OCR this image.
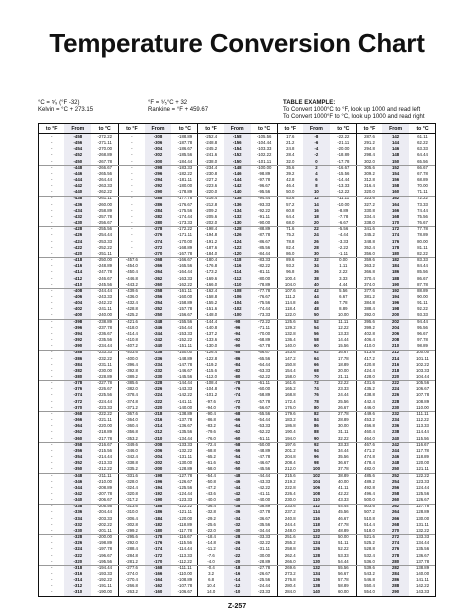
Temperature Conversion Chart
°C = ⁵⁄₉ (°F -32)
Kelvin = °C + 273.15
°F = ⁹⁄₅°C + 32
Rankine = °F + 459.67
TABLE EXAMPLE:
To Convert 1000°C to °F, look up 1000 and read left
To Convert 1000°F to °C, look up 1000 and read right
to °F
-
-
-
-
-
-
-
-
-
-
-
-
-
-
-
-
-
-
-
-
-
-
-
-
-
-
-
-
-
-
-
-
-
-
-
-
-
-
-
-
-
-
-
-
-
-
-
-
-
-
-
-
-
-
-
-
-
-
-
-
-
-
-
-
-
-
-
-
-
-
-
-
-
-
-
From
-458
-456
-454
-452
-450
-448
-446
-444
-442
-440
-438
-436
-434
-432
-430
-428
-426
-424
-422
-420
-418
-416
-414
-412
-410
-408
-406
-404
-402
-400
-398
-396
-394
-392
-390
-388
-386
-384
-382
-380
-378
-376
-374
-372
-370
-368
-366
-364
-362
-360
-358
-356
-354
-352
-350
-348
-346
-344
-342
-340
-338
-336
-334
-332
-330
-328
-326
-324
-322
-320
-318
-316
-314
-312
-310
to °C
-272.22
-271.11
-270.00
-268.89
-267.78
-266.67
-265.56
-264.44
-263.33
-262.22
-261.11
-260.00
-258.89
-257.78
-256.67
-255.56
-254.44
-253.33
-252.22
-251.11
-250.00
-248.89
-247.78
-246.67
-245.56
-244.44
-243.33
-242.22
-241.11
-240.00
-238.89
-237.78
-236.67
-235.56
-234.44
-233.33
-232.22
-231.11
-230.00
-228.89
-227.78
-226.67
-225.56
-224.44
-223.33
-222.22
-221.11
-220.00
-218.89
-217.78
-216.67
-215.56
-214.44
-213.33
-212.22
-211.11
-210.00
-208.89
-207.78
-206.67
-205.56
-204.44
-203.33
-202.22
-201.11
-200.00
-198.89
-197.78
-196.67
-195.56
-194.44
-193.33
-192.22
-191.11
-190.00
to °F
-
-
-
-
-
-
-
-
-
-
-
-
-
-
-
-
-
-
-
-
-457.6
-454.0
-450.4
-446.8
-443.2
-439.6
-436.0
-432.4
-428.8
-425.2
-421.6
-418.0
-414.4
-410.8
-407.2
-403.6
-400.0
-396.4
-392.8
-389.2
-385.6
-382.0
-378.4
-374.8
-371.2
-367.6
-364.0
-360.4
-356.8
-353.2
-349.6
-346.0
-342.4
-338.8
-335.2
-331.6
-328.0
-324.4
-320.8
-317.2
-313.6
-310.0
-306.4
-302.8
-299.2
-295.6
-292.0
-288.4
-284.8
-281.2
-277.6
-274.0
-270.4
-266.8
-263.2
From
-308
-306
-304
-302
-300
-298
-296
-294
-292
-290
-288
-286
-284
-282
-280
-278
-276
-274
-272
-270
-268
-266
-264
-262
-260
-258
-256
-254
-252
-250
-248
-246
-244
-242
-240
-238
-236
-234
-232
-230
-228
-226
-224
-222
-220
-218
-216
-214
-212
-210
-208
-206
-204
-202
-200
-198
-196
-194
-192
-190
-188
-186
-184
-182
-180
-178
-176
-174
-172
-170
-168
-166
-164
-162
-160
to °C
-188.89
-187.78
-186.67
-185.56
-184.44
-183.33
-182.22
-181.11
-180.00
-178.89
-177.78
-176.67
-175.56
-174.44
-173.33
-172.22
-171.11
-170.00
-168.89
-167.78
-166.67
-165.56
-164.44
-163.33
-162.22
-161.11
-160.00
-158.89
-157.78
-156.67
-155.56
-154.44
-153.33
-152.22
-151.11
-150.00
-148.89
-147.78
-146.67
-145.56
-144.44
-143.33
-142.22
-141.11
-140.00
-138.89
-137.78
-136.67
-135.56
-134.44
-133.33
-132.22
-131.11
-130.00
-128.89
-127.78
-126.67
-125.56
-124.44
-123.33
-122.22
-121.11
-120.00
-118.89
-117.78
-116.67
-115.56
-114.44
-113.33
-112.22
-111.11
-110.00
-108.89
-107.78
-106.67
to °F
-252.4
-248.8
-245.2
-241.6
-238.0
-234.4
-230.8
-227.2
-223.6
-220.0
-216.4
-212.8
-209.2
-205.6
-202.0
-198.4
-194.8
-191.2
-187.6
-184.0
-180.4
-176.8
-173.2
-169.6
-166.0
-162.4
-158.8
-155.2
-151.6
-148.0
-144.4
-140.8
-137.2
-133.6
-130.0
-126.4
-122.8
-119.2
-115.6
-112.0
-108.4
-104.8
-101.2
-97.6
-94.0
-90.4
-86.8
-83.2
-79.6
-76.0
-72.4
-68.8
-65.2
-61.6
-58.0
-54.4
-50.8
-47.2
-43.6
-40.0
-36.4
-32.8
-29.2
-25.6
-22.0
-18.4
-14.8
-11.2
-7.6
-4.0
-0.4
3.2
6.8
10.4
14.0
From
-158
-156
-154
-152
-150
-148
-146
-144
-142
-140
-138
-136
-134
-132
-130
-128
-126
-124
-122
-120
-118
-116
-114
-112
-110
-108
-106
-104
-102
-100
-98
-96
-94
-92
-90
-88
-86
-84
-82
-80
-78
-76
-74
-72
-70
-68
-66
-64
-62
-60
-58
-56
-54
-52
-50
-48
-46
-44
-42
-40
-38
-36
-34
-32
-30
-28
-26
-24
-22
-20
-18
-16
-14
-12
-10
to °C
-105.56
-104.44
-103.33
-102.22
-101.11
-100.00
-98.89
-97.78
-96.67
-95.56
-94.44
-93.33
-92.22
-91.11
-90.00
-88.89
-87.78
-86.67
-85.56
-84.44
-83.33
-82.22
-81.11
-80.00
-78.89
-77.78
-76.67
-75.56
-74.44
-73.33
-72.22
-71.11
-70.00
-68.89
-67.78
-66.67
-65.56
-64.44
-63.33
-62.22
-61.11
-60.00
-58.89
-57.78
-56.67
-55.56
-54.44
-53.33
-52.22
-51.11
-50.00
-48.89
-47.78
-46.67
-45.56
-44.44
-43.33
-42.22
-41.11
-40.00
-38.89
-37.78
-36.67
-35.56
-34.44
-33.33
-32.22
-31.11
-30.00
-28.89
-27.78
-26.67
-25.56
-24.44
-23.33
to °F
17.6
21.2
24.8
28.4
32.0
35.6
39.2
42.8
46.4
50.0
53.6
57.2
60.8
64.4
68.0
71.6
75.2
78.8
82.4
86.0
89.6
93.2
96.8
100.4
104.0
107.6
111.2
114.8
118.4
122.0
125.6
129.2
132.8
136.4
140.0
143.6
147.2
150.8
154.4
158.0
161.6
165.2
168.8
172.4
176.0
179.6
183.2
186.8
190.4
194.0
197.6
201.2
204.8
208.4
212.0
215.6
219.2
222.8
226.4
230.0
233.6
237.2
240.8
244.4
248.0
251.6
255.2
258.8
262.4
266.0
269.6
273.2
276.8
280.4
284.0
From
-8
-6
-4
-2
0
2
4
6
8
10
12
14
16
18
20
22
24
26
28
30
32
34
36
38
40
42
44
46
48
50
52
54
56
58
60
62
64
66
68
70
72
74
76
78
80
82
84
86
88
90
92
94
96
98
100
102
104
106
108
110
112
114
116
118
120
122
124
126
128
130
132
134
136
138
140
to °C
-22.22
-21.11
-20.00
-18.89
-17.78
-16.67
-15.56
-14.44
-13.33
-12.22
-11.11
-10.00
-8.89
-7.78
-6.67
-5.56
-4.44
-3.33
-2.22
-1.11
0.00
1.11
2.22
3.33
4.44
5.56
6.67
7.78
8.89
10.00
11.11
12.22
13.33
14.44
15.56
16.67
17.78
18.89
20.00
21.11
22.22
23.33
24.44
25.56
26.67
27.78
28.89
30.00
31.11
32.22
33.33
34.44
35.56
36.67
37.78
38.89
40.00
41.11
42.22
43.33
44.44
45.56
46.67
47.78
48.89
50.00
51.11
52.22
53.33
54.44
55.56
56.67
57.78
58.89
60.00
to °F
287.6
291.2
294.8
298.4
302.0
305.6
309.2
312.8
316.4
320.0
323.6
327.2
330.8
334.4
338.0
341.6
345.2
348.8
352.4
356.0
359.6
363.2
366.8
370.4
374.0
377.6
381.2
384.8
388.4
392.0
395.6
399.2
402.8
406.4
410.0
413.6
417.2
420.8
424.4
428.0
431.6
435.2
438.8
442.4
446.0
449.6
453.2
456.8
460.4
464.0
467.6
471.2
474.8
478.4
482.0
485.6
489.2
492.8
496.4
500.0
503.6
507.2
510.8
514.4
518.0
521.6
525.2
528.8
532.4
536.0
539.6
543.2
546.8
550.4
554.0
From
142
144
146
148
150
152
154
156
158
160
162
164
166
168
170
172
174
176
178
180
182
184
186
188
190
192
194
196
198
200
202
204
206
208
210
212
214
216
218
220
222
224
226
228
230
232
234
236
238
240
242
244
246
248
250
252
254
256
258
260
262
264
266
268
270
272
274
276
278
280
282
284
286
288
290
to °C
61.11
62.22
63.33
64.44
65.56
66.67
67.78
68.89
70.00
71.11
72.22
73.33
74.44
75.56
76.67
77.78
78.89
80.00
81.11
82.22
83.33
84.44
85.56
86.67
87.78
88.89
90.00
91.11
92.22
93.33
94.44
95.56
96.67
97.78
98.89
100.00
101.11
102.22
103.33
104.44
105.56
106.67
107.78
108.89
110.00
111.11
112.22
113.33
114.44
115.56
116.67
117.78
118.89
120.00
121.11
122.22
123.33
124.44
125.56
126.67
127.78
128.89
130.00
131.11
132.22
133.33
134.44
135.56
136.67
137.78
138.89
140.00
141.11
142.22
143.33
Z-257
